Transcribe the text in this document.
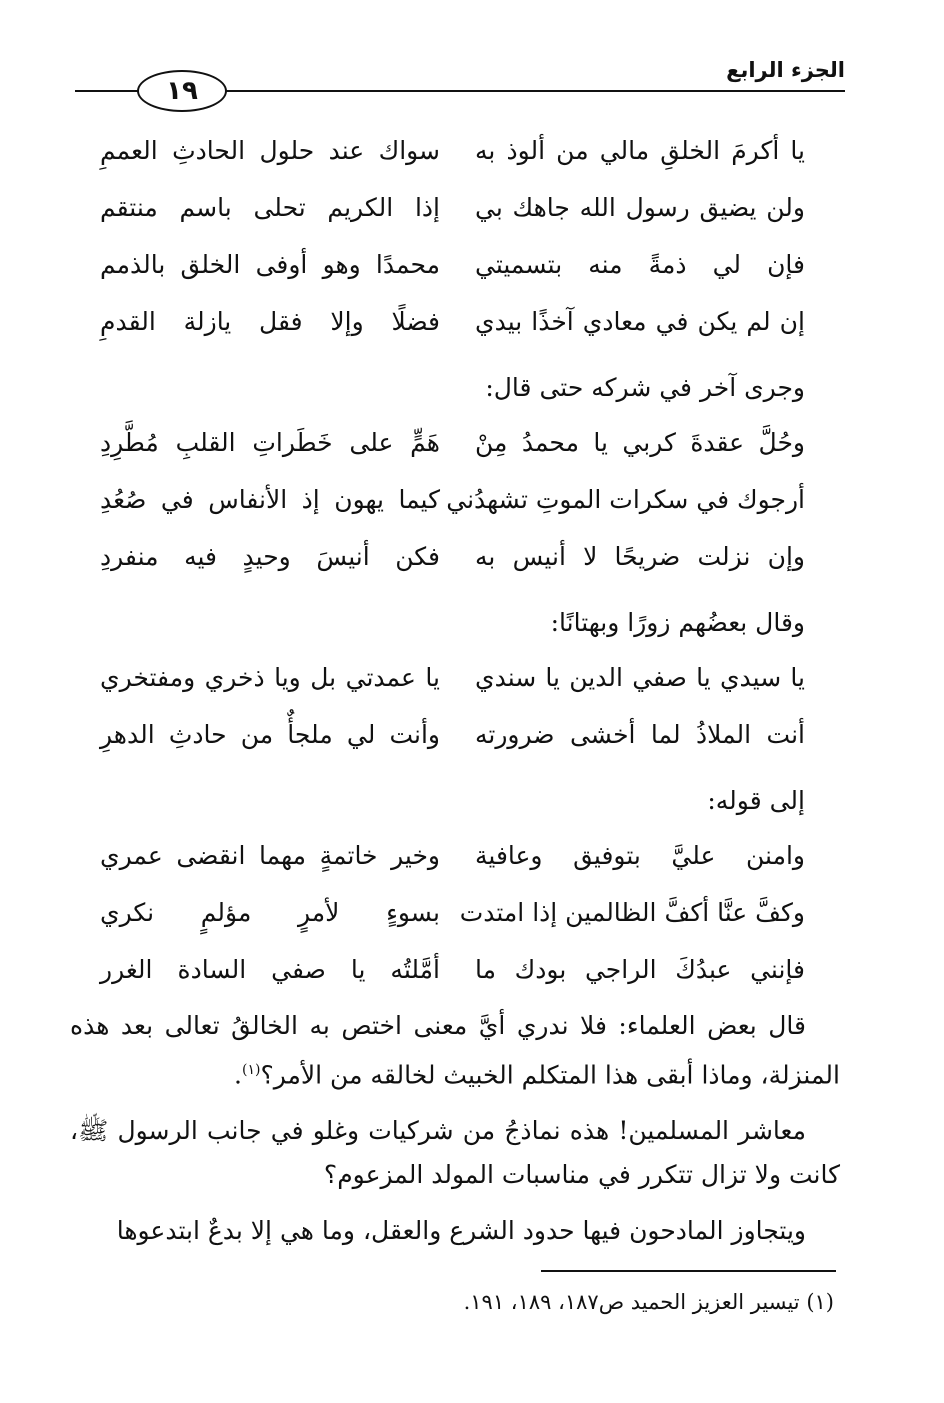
الجزء الرابع
١٩
يا أكرمَ الخلقِ مالي من ألوذ به
سواك عند حلول الحادثِ العممِ
ولن يضيق رسول الله جاهك بي
إذا الكريم تحلى باسم منتقم
فإن لي ذمةً منه بتسميتي
محمدًا وهو أوفى الخلق بالذمم
إن لم يكن في معادي آخذًا بيدي
فضلًا وإلا فقل يازلة القدمِ
وجرى آخر في شركه حتى قال:
وحُلَّ عقدةَ كربي يا محمدُ مِنْ
هَمٍّ على خَطَراتِ القلبِ مُطَّرِدِ
أرجوك في سكرات الموتِ تشهدُني
كيما يهون إذ الأنفاس في صُعُدِ
وإن نزلت ضريحًا لا أنيس به
فكن أنيسَ وحيدٍ فيه منفردِ
وقال بعضُهم زورًا وبهتانًا:
يا سيدي يا صفي الدين يا سندي
يا عمدتي بل ويا ذخري ومفتخري
أنت الملاذُ لما أخشى ضرورته
وأنت لي ملجأٌ من حادثِ الدهرِ
إلى قوله:
وامنن عليَّ بتوفيق وعافية
وخير خاتمةٍ مهما انقضى عمري
وكفَّ عنَّا أكفَّ الظالمين إذا امتدت
بسوءٍ لأمرٍ مؤلمٍ نكري
فإنني عبدُكَ الراجي بودك ما
أمَّلتُه يا صفي السادة الغرر
قال بعض العلماء: فلا ندري أيَّ معنى اختص به الخالقُ تعالى بعد هذه المنزلة، وماذا أبقى هذا المتكلم الخبيث لخالقه من الأمر؟$^{(١)}$.
معاشر المسلمين! هذه نماذجُ من شركيات وغلو في جانب الرسول ﷺ، كانت ولا تزال تتكرر في مناسبات المولد المزعوم؟
ويتجاوز المادحون فيها حدود الشرع والعقل، وما هي إلا بدعٌ ابتدعوها
(١) تيسير العزيز الحميد ص١٨٧، ١٨٩، ١٩١.
